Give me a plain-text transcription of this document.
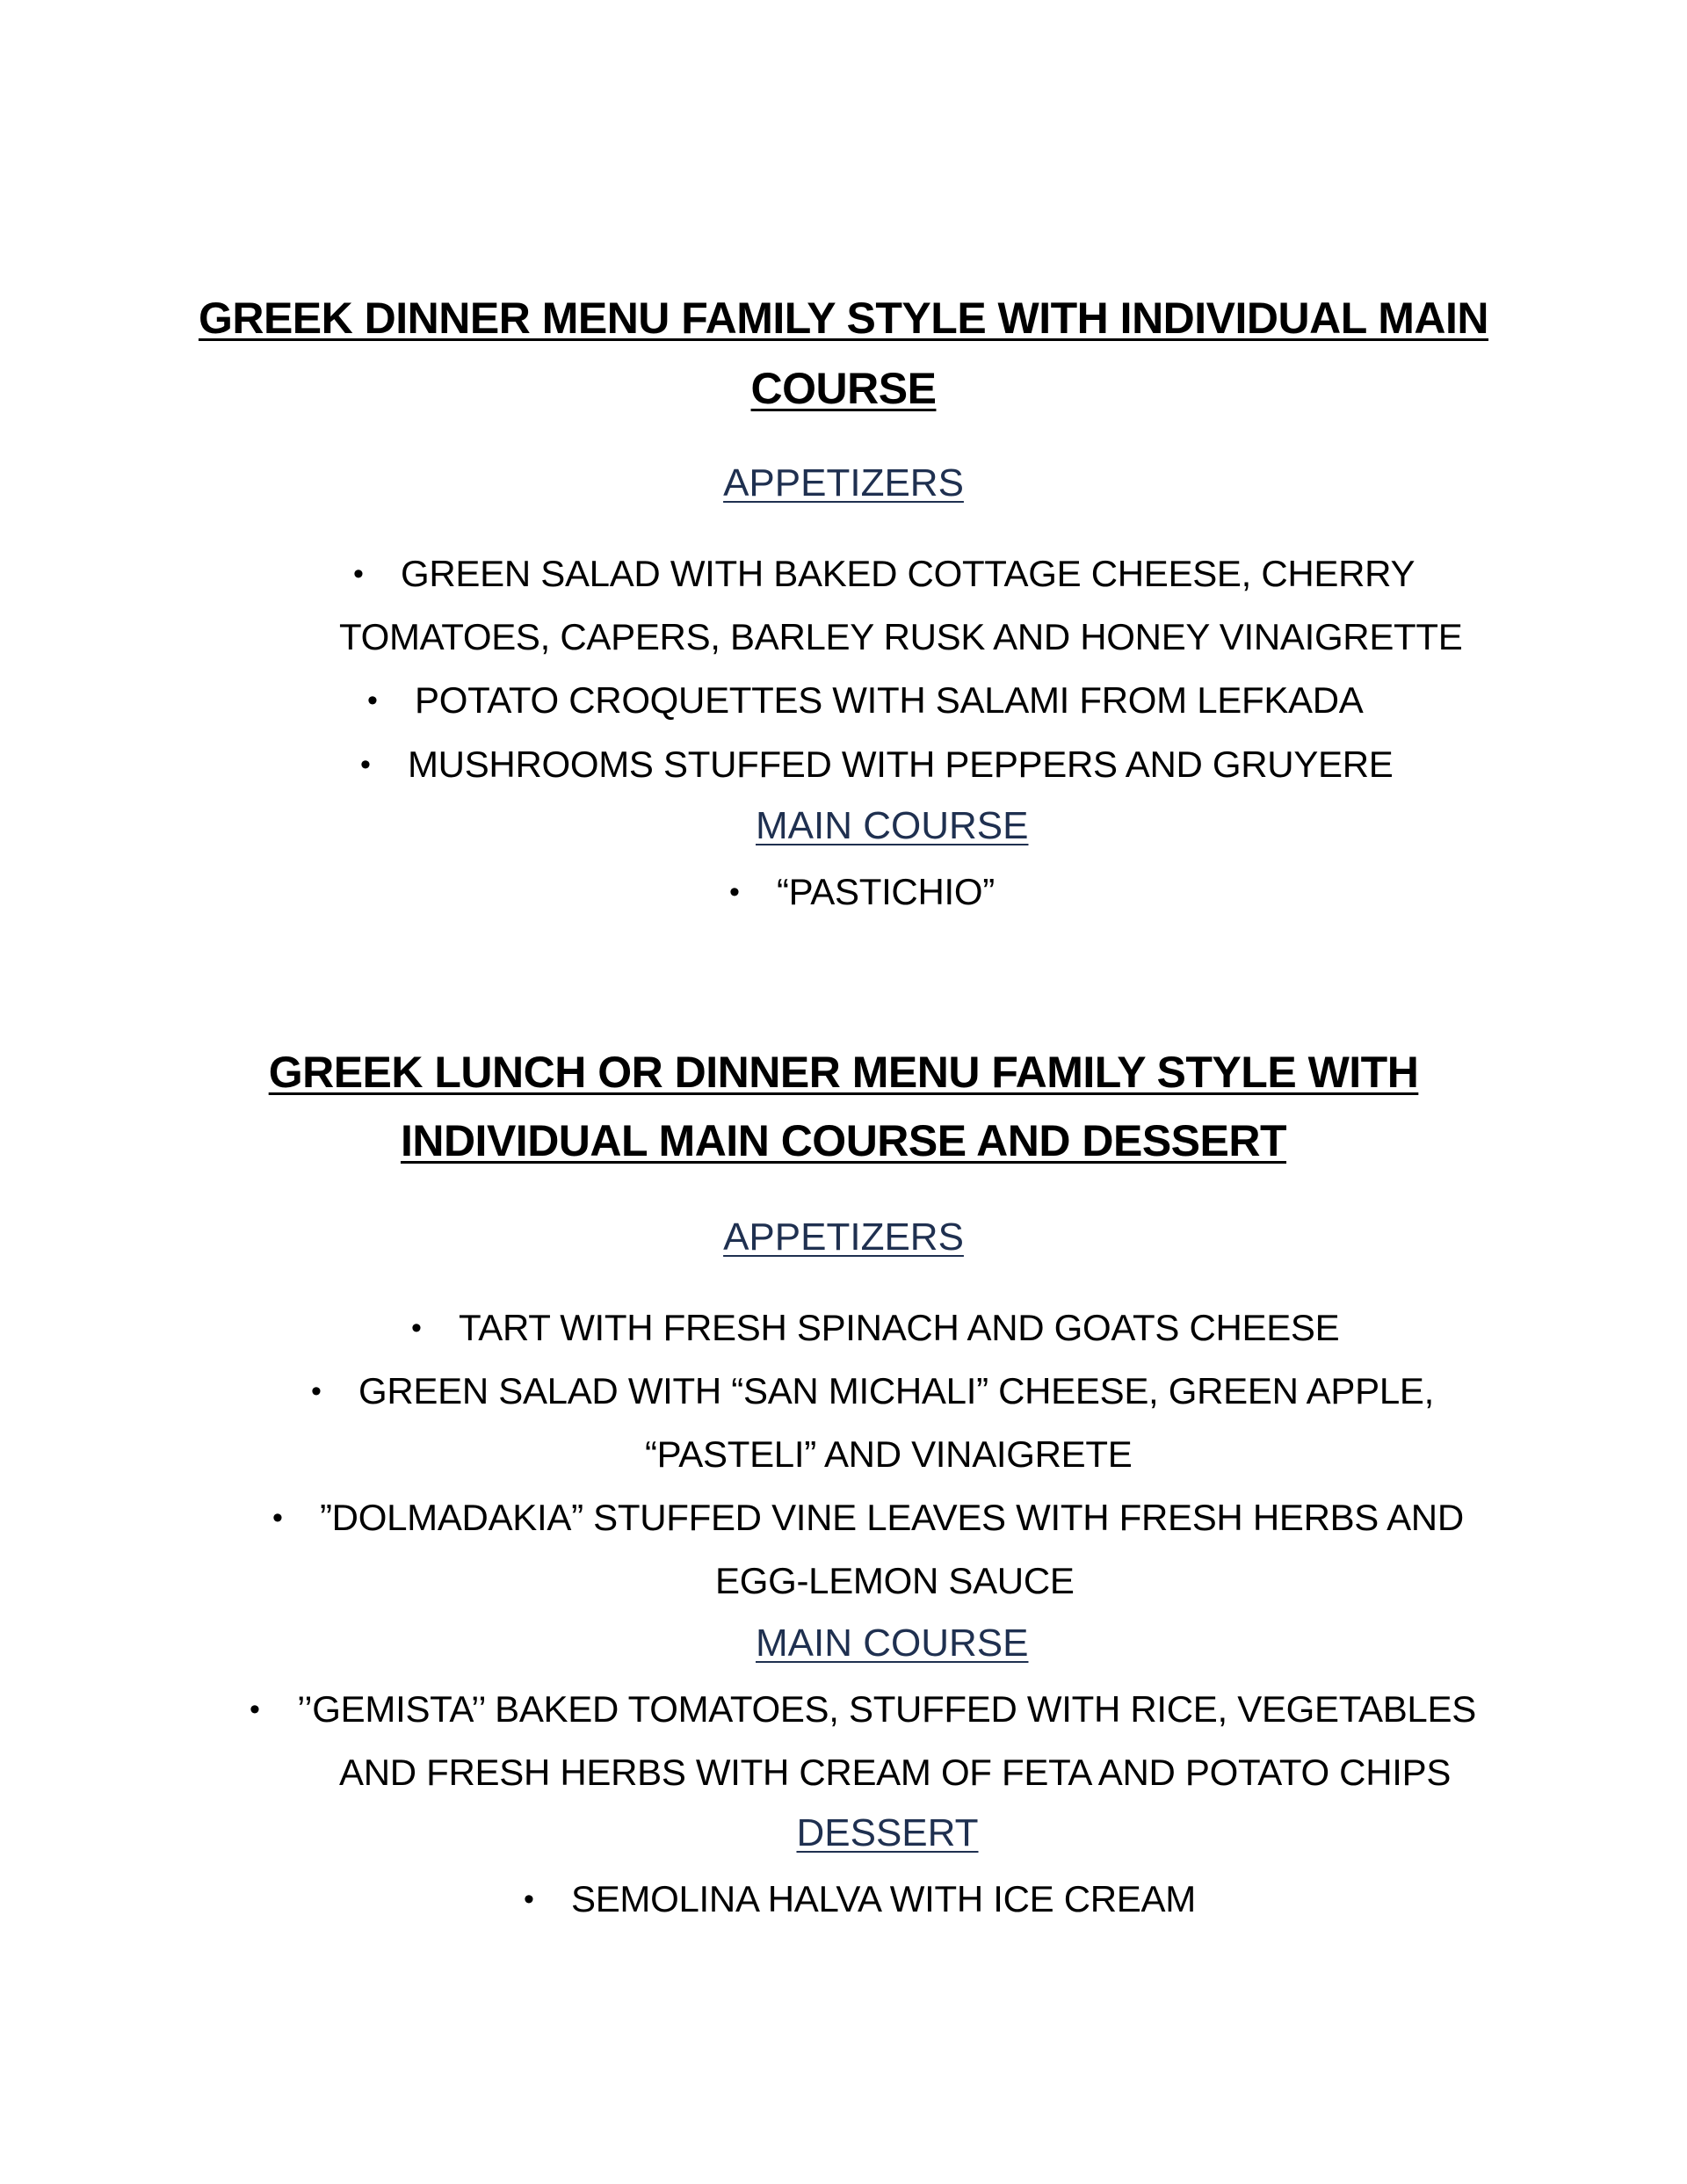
GREEK DINNER MENU FAMILY STYLE WITH INDIVIDUAL MAIN
COURSE
APPETIZERS
• GREEN SALAD WITH BAKED COTTAGE CHEESE, CHERRY
TOMATOES, CAPERS, BARLEY RUSK AND HONEY VINAIGRETTE
• POTATO CROQUETTES WITH SALAMI FROM LEFKADA
• MUSHROOMS STUFFED WITH PEPPERS AND GRUYERE
MAIN COURSE
• “PASTICHIO”
GREEK LUNCH OR DINNER MENU FAMILY STYLE WITH
INDIVIDUAL MAIN COURSE AND DESSERT
APPETIZERS
• TART WITH FRESH SPINACH AND GOATS CHEESE
• GREEN SALAD WITH “SAN MICHALI” CHEESE, GREEN APPLE,
“PASTELI” AND VINAIGRETE
• ”DOLMADAKIA” STUFFED VINE LEAVES WITH FRESH HERBS AND
EGG-LEMON SAUCE
MAIN COURSE
• ’’GEMISTA’’ BAKED TOMATOES, STUFFED WITH RICE, VEGETABLES
AND FRESH HERBS WITH CREAM OF FETA AND POTATO CHIPS
DESSERT
• SEMOLINA HALVA WITH ICE CREAM
